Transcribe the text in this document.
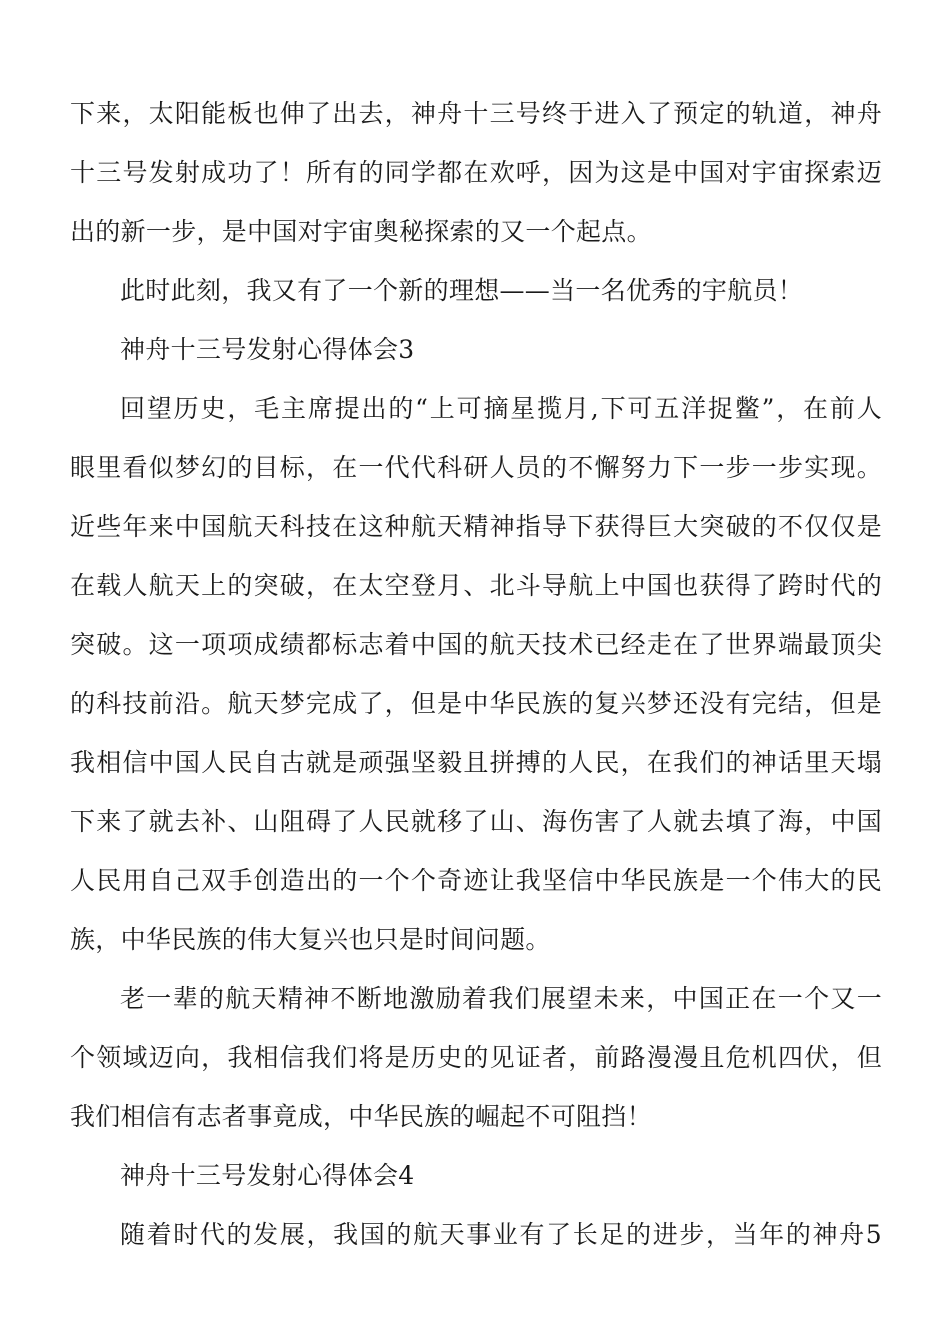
下来，太阳能板也伸了出去，神舟十三号终于进入了预定的轨道，神舟
十三号发射成功了！所有的同学都在欢呼，因为这是中国对宇宙探索迈
出的新一步，是中国对宇宙奥秘探索的又一个起点。
此时此刻，我又有了一个新的理想——当一名优秀的宇航员！
神舟十三号发射心得体会3
回望历史，毛主席提出的“上可摘星揽月,下可五洋捉鳖”，在前人
眼里看似梦幻的目标，在一代代科研人员的不懈努力下一步一步实现。
近些年来中国航天科技在这种航天精神指导下获得巨大突破的不仅仅是
在载人航天上的突破，在太空登月、北斗导航上中国也获得了跨时代的
突破。这一项项成绩都标志着中国的航天技术已经走在了世界端最顶尖
的科技前沿。航天梦完成了，但是中华民族的复兴梦还没有完结，但是
我相信中国人民自古就是顽强坚毅且拼搏的人民，在我们的神话里天塌
下来了就去补、山阻碍了人民就移了山、海伤害了人就去填了海，中国
人民用自己双手创造出的一个个奇迹让我坚信中华民族是一个伟大的民
族，中华民族的伟大复兴也只是时间问题。
老一辈的航天精神不断地激励着我们展望未来，中国正在一个又一
个领域迈向，我相信我们将是历史的见证者，前路漫漫且危机四伏，但
我们相信有志者事竟成，中华民族的崛起不可阻挡！
神舟十三号发射心得体会4
随着时代的发展，我国的航天事业有了长足的进步，当年的神舟5
